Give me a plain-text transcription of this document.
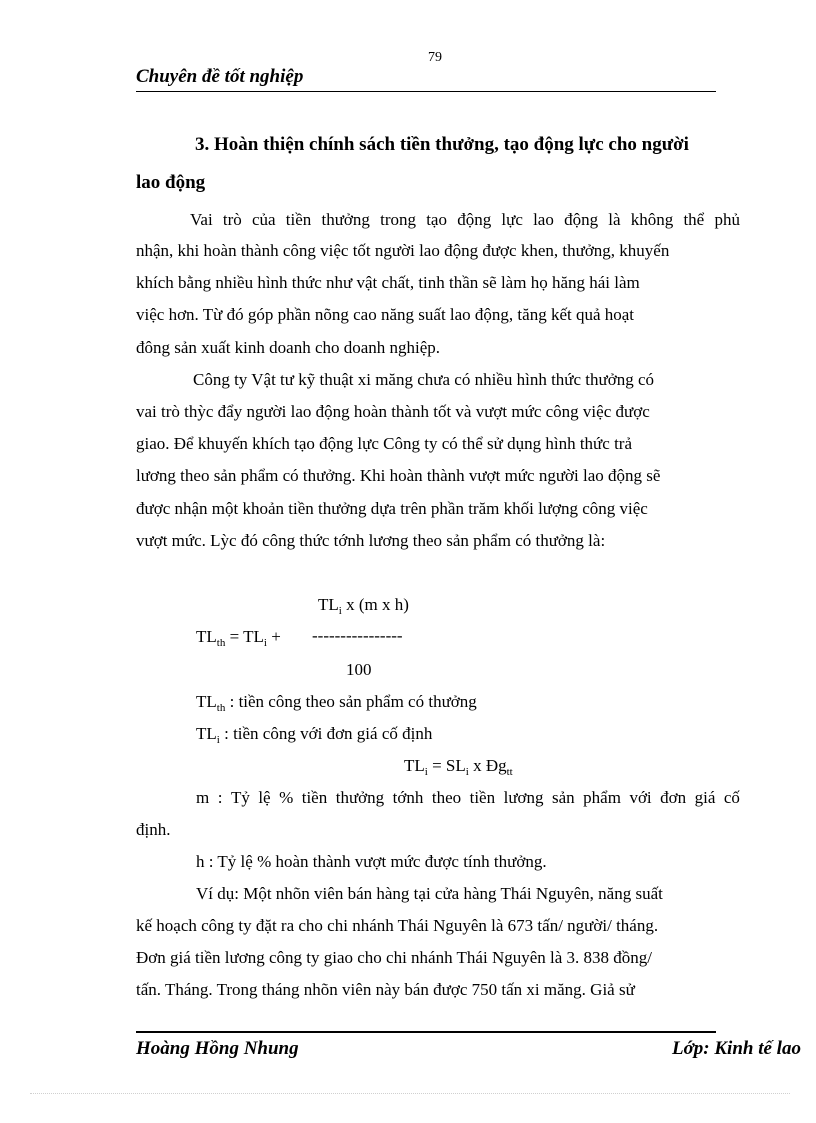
79
Chuyên đề tốt nghiệp
3. Hoàn thiện chính sách tiền thưởng, tạo động lực cho người
lao động
Vai trò của tiền thưởng trong tạo động lực lao động là không thể phủ
nhận, khi hoàn thành công việc tốt người lao động được khen, thưởng, khuyến
khích bằng nhiều hình thức như vật chất, tinh thần sẽ làm họ hăng hái làm
việc hơn. Từ đó góp phần nõng cao năng suất lao động, tăng kết quả hoạt
đông sản xuất kinh doanh cho doanh nghiệp.
Công ty Vật tư kỹ thuật xi măng chưa có nhiều hình thức thưởng có
vai trò thỳc đẩy người lao động hoàn thành tốt và vượt mức công việc được
giao. Để khuyến khích tạo động lực Công ty có thể sử dụng hình thức trả
lương theo sản phẩm có thưởng. Khi hoàn thành vượt mức người lao động sẽ
được nhận một khoản tiền thưởng dựa trên phần trăm khối lượng công việc
vượt mức. Lỳc đó công thức tớnh lương theo sản phẩm có thưởng là:
$TL_i$ x (m x h)
$TL_{th} = TL_i$ + ----------------
100
$TL_{th}$ : tiền công theo sản phẩm có thưởng
$TL_i$ : tiền công với đơn giá cố định
$TL_i = SL_i$ x $Đg_{tt}$
m : Tỷ lệ % tiền thưởng tớnh theo tiền lương sản phẩm với đơn giá cố
định.
h : Tỷ lệ % hoàn thành vượt mức được tính thưởng.
Ví dụ: Một nhõn viên bán hàng tại cửa hàng Thái Nguyên, năng suất
kế hoạch công ty đặt ra cho chi nhánh Thái Nguyên là 673 tấn/ người/ tháng.
Đơn giá tiền lương công ty giao cho chi nhánh Thái Nguyên là 3. 838 đồng/
tấn. Tháng. Trong tháng nhõn viên này bán được 750 tấn xi măng. Giả sử
Hoàng Hồng Nhung	Lớp: Kinh tế lao
